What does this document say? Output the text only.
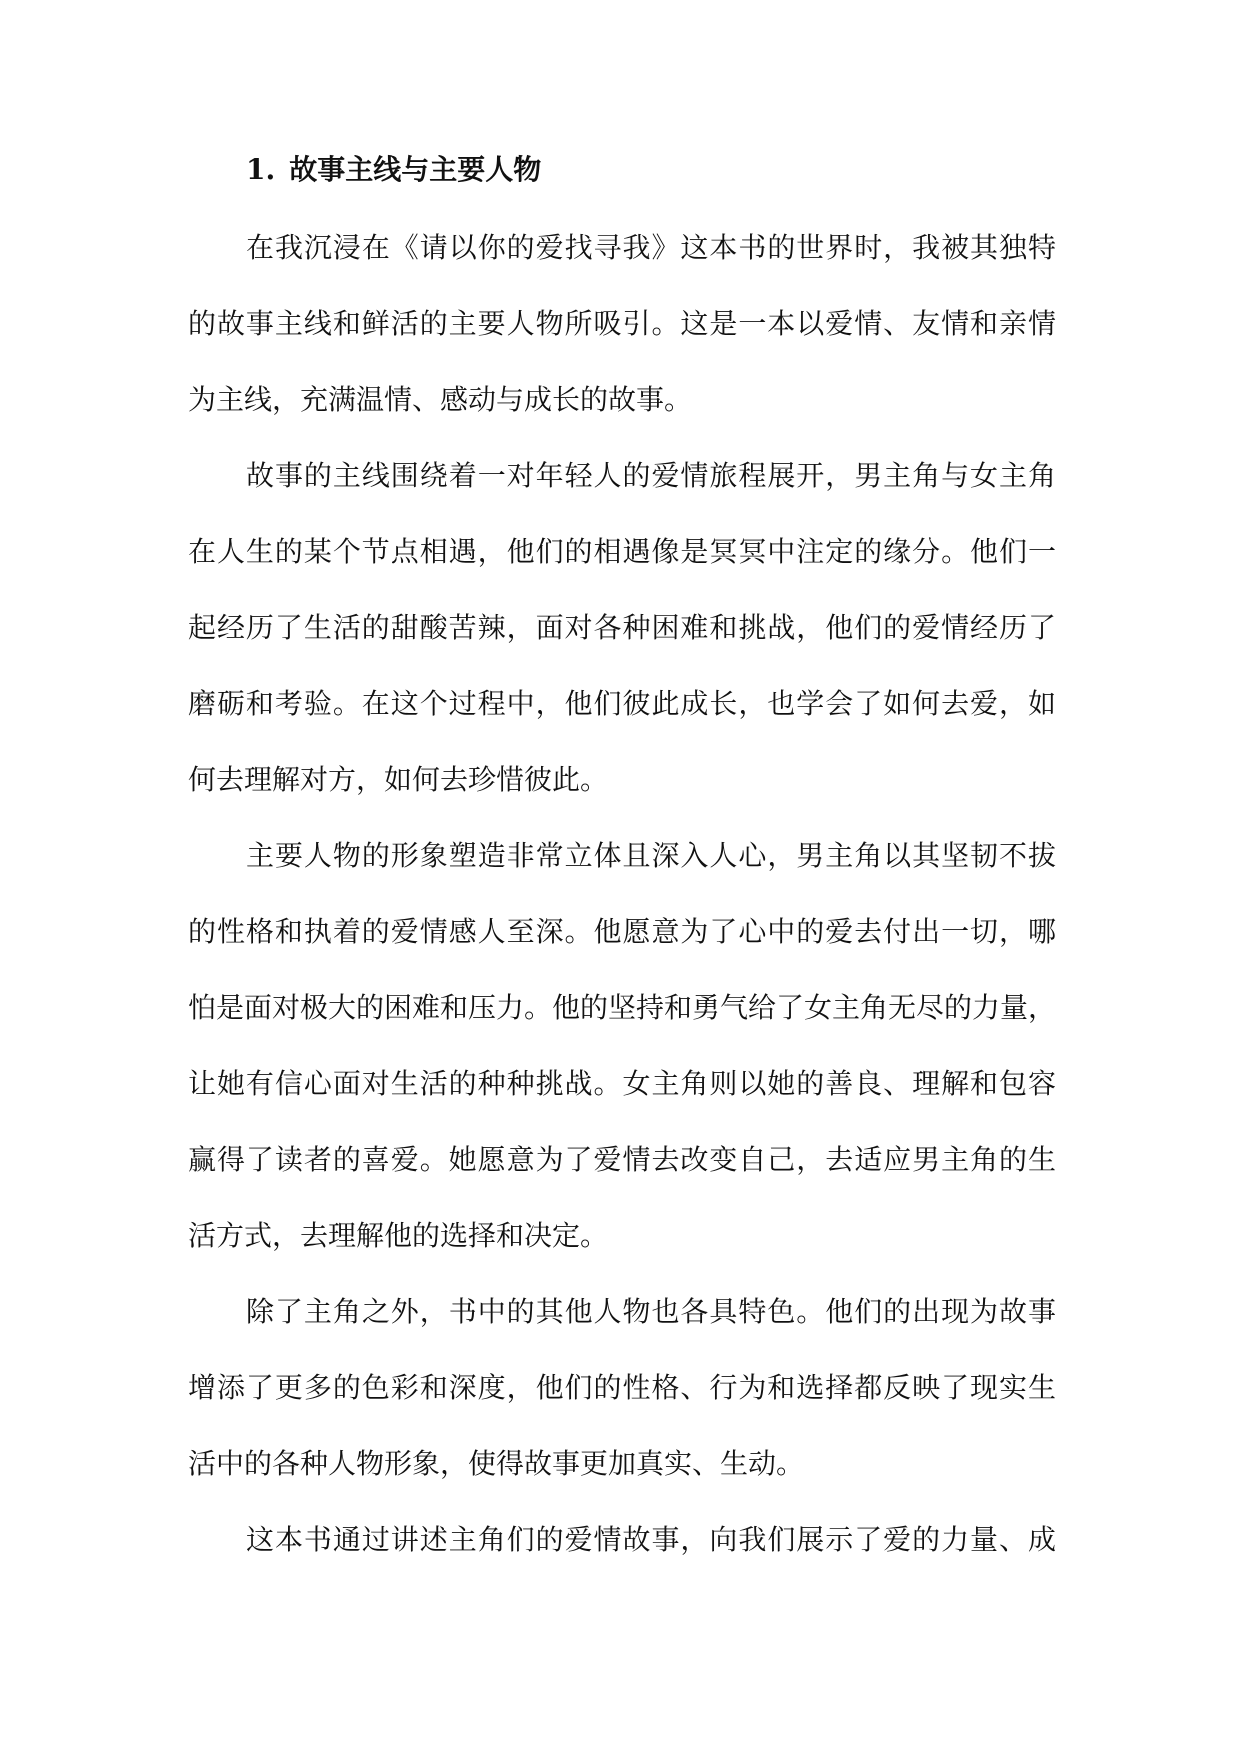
1. 故事主线与主要人物

在我沉浸在《请以你的爱找寻我》这本书的世界时，我被其独特
的故事主线和鲜活的主要人物所吸引。这是一本以爱情、友情和亲情
为主线，充满温情、感动与成长的故事。

故事的主线围绕着一对年轻人的爱情旅程展开，男主角与女主角
在人生的某个节点相遇，他们的相遇像是冥冥中注定的缘分。他们一
起经历了生活的甜酸苦辣，面对各种困难和挑战，他们的爱情经历了
磨砺和考验。在这个过程中，他们彼此成长，也学会了如何去爱，如
何去理解对方，如何去珍惜彼此。

主要人物的形象塑造非常立体且深入人心，男主角以其坚韧不拔
的性格和执着的爱情感人至深。他愿意为了心中的爱去付出一切，哪
怕是面对极大的困难和压力。他的坚持和勇气给了女主角无尽的力量，
让她有信心面对生活的种种挑战。女主角则以她的善良、理解和包容
赢得了读者的喜爱。她愿意为了爱情去改变自己，去适应男主角的生
活方式，去理解他的选择和决定。

除了主角之外，书中的其他人物也各具特色。他们的出现为故事
增添了更多的色彩和深度，他们的性格、行为和选择都反映了现实生
活中的各种人物形象，使得故事更加真实、生动。

这本书通过讲述主角们的爱情故事，向我们展示了爱的力量、成
